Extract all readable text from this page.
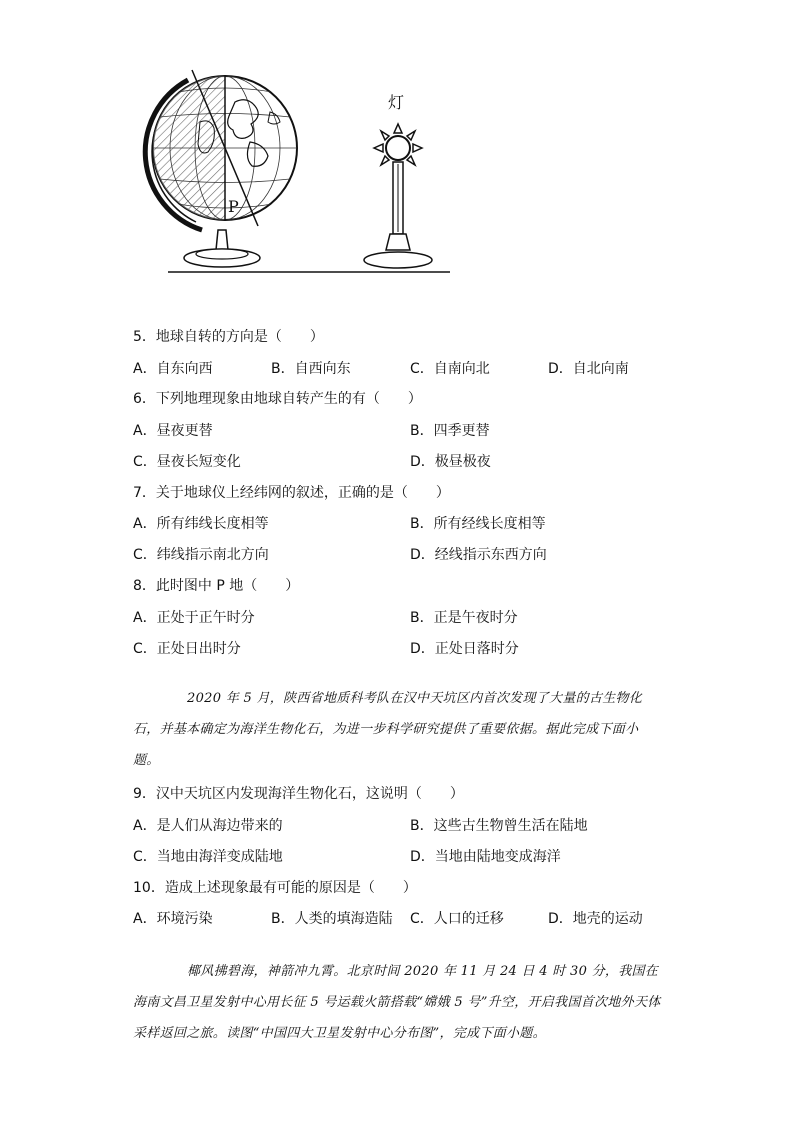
P
灯
5．地球自转的方向是（　　）
A．自东向西	B．自西向东	C．自南向北	D．自北向南
6．下列地理现象由地球自转产生的有（　　）
A．昼夜更替	B．四季更替
C．昼夜长短变化	D．极昼极夜
7．关于地球仪上经纬网的叙述，正确的是（　　）
A．所有纬线长度相等	B．所有经线长度相等
C．纬线指示南北方向	D．经线指示东西方向
8．此时图中 P 地（　　）
A．正处于正午时分	B．正是午夜时分
C．正处日出时分	D．正处日落时分
2020 年 5 月，陕西省地质科考队在汉中天坑区内首次发现了大量的古生物化石，并基本确定为海洋生物化石，为进一步科学研究提供了重要依据。据此完成下面小题。
9．汉中天坑区内发现海洋生物化石，这说明（　　）
A．是人们从海边带来的	B．这些古生物曾生活在陆地
C．当地由海洋变成陆地	D．当地由陆地变成海洋
10．造成上述现象最有可能的原因是（　　）
A．环境污染	B．人类的填海造陆 C．人口的迁移	D．地壳的运动
椰风拂碧海，神箭冲九霄。北京时间 2020 年 11 月 24 日 4 时 30 分，我国在海南文昌卫星发射中心用长征 5 号运载火箭搭载“嫦娥 5 号”升空，开启我国首次地外天体采样返回之旅。读图“中国四大卫星发射中心分布图”，完成下面小题。
